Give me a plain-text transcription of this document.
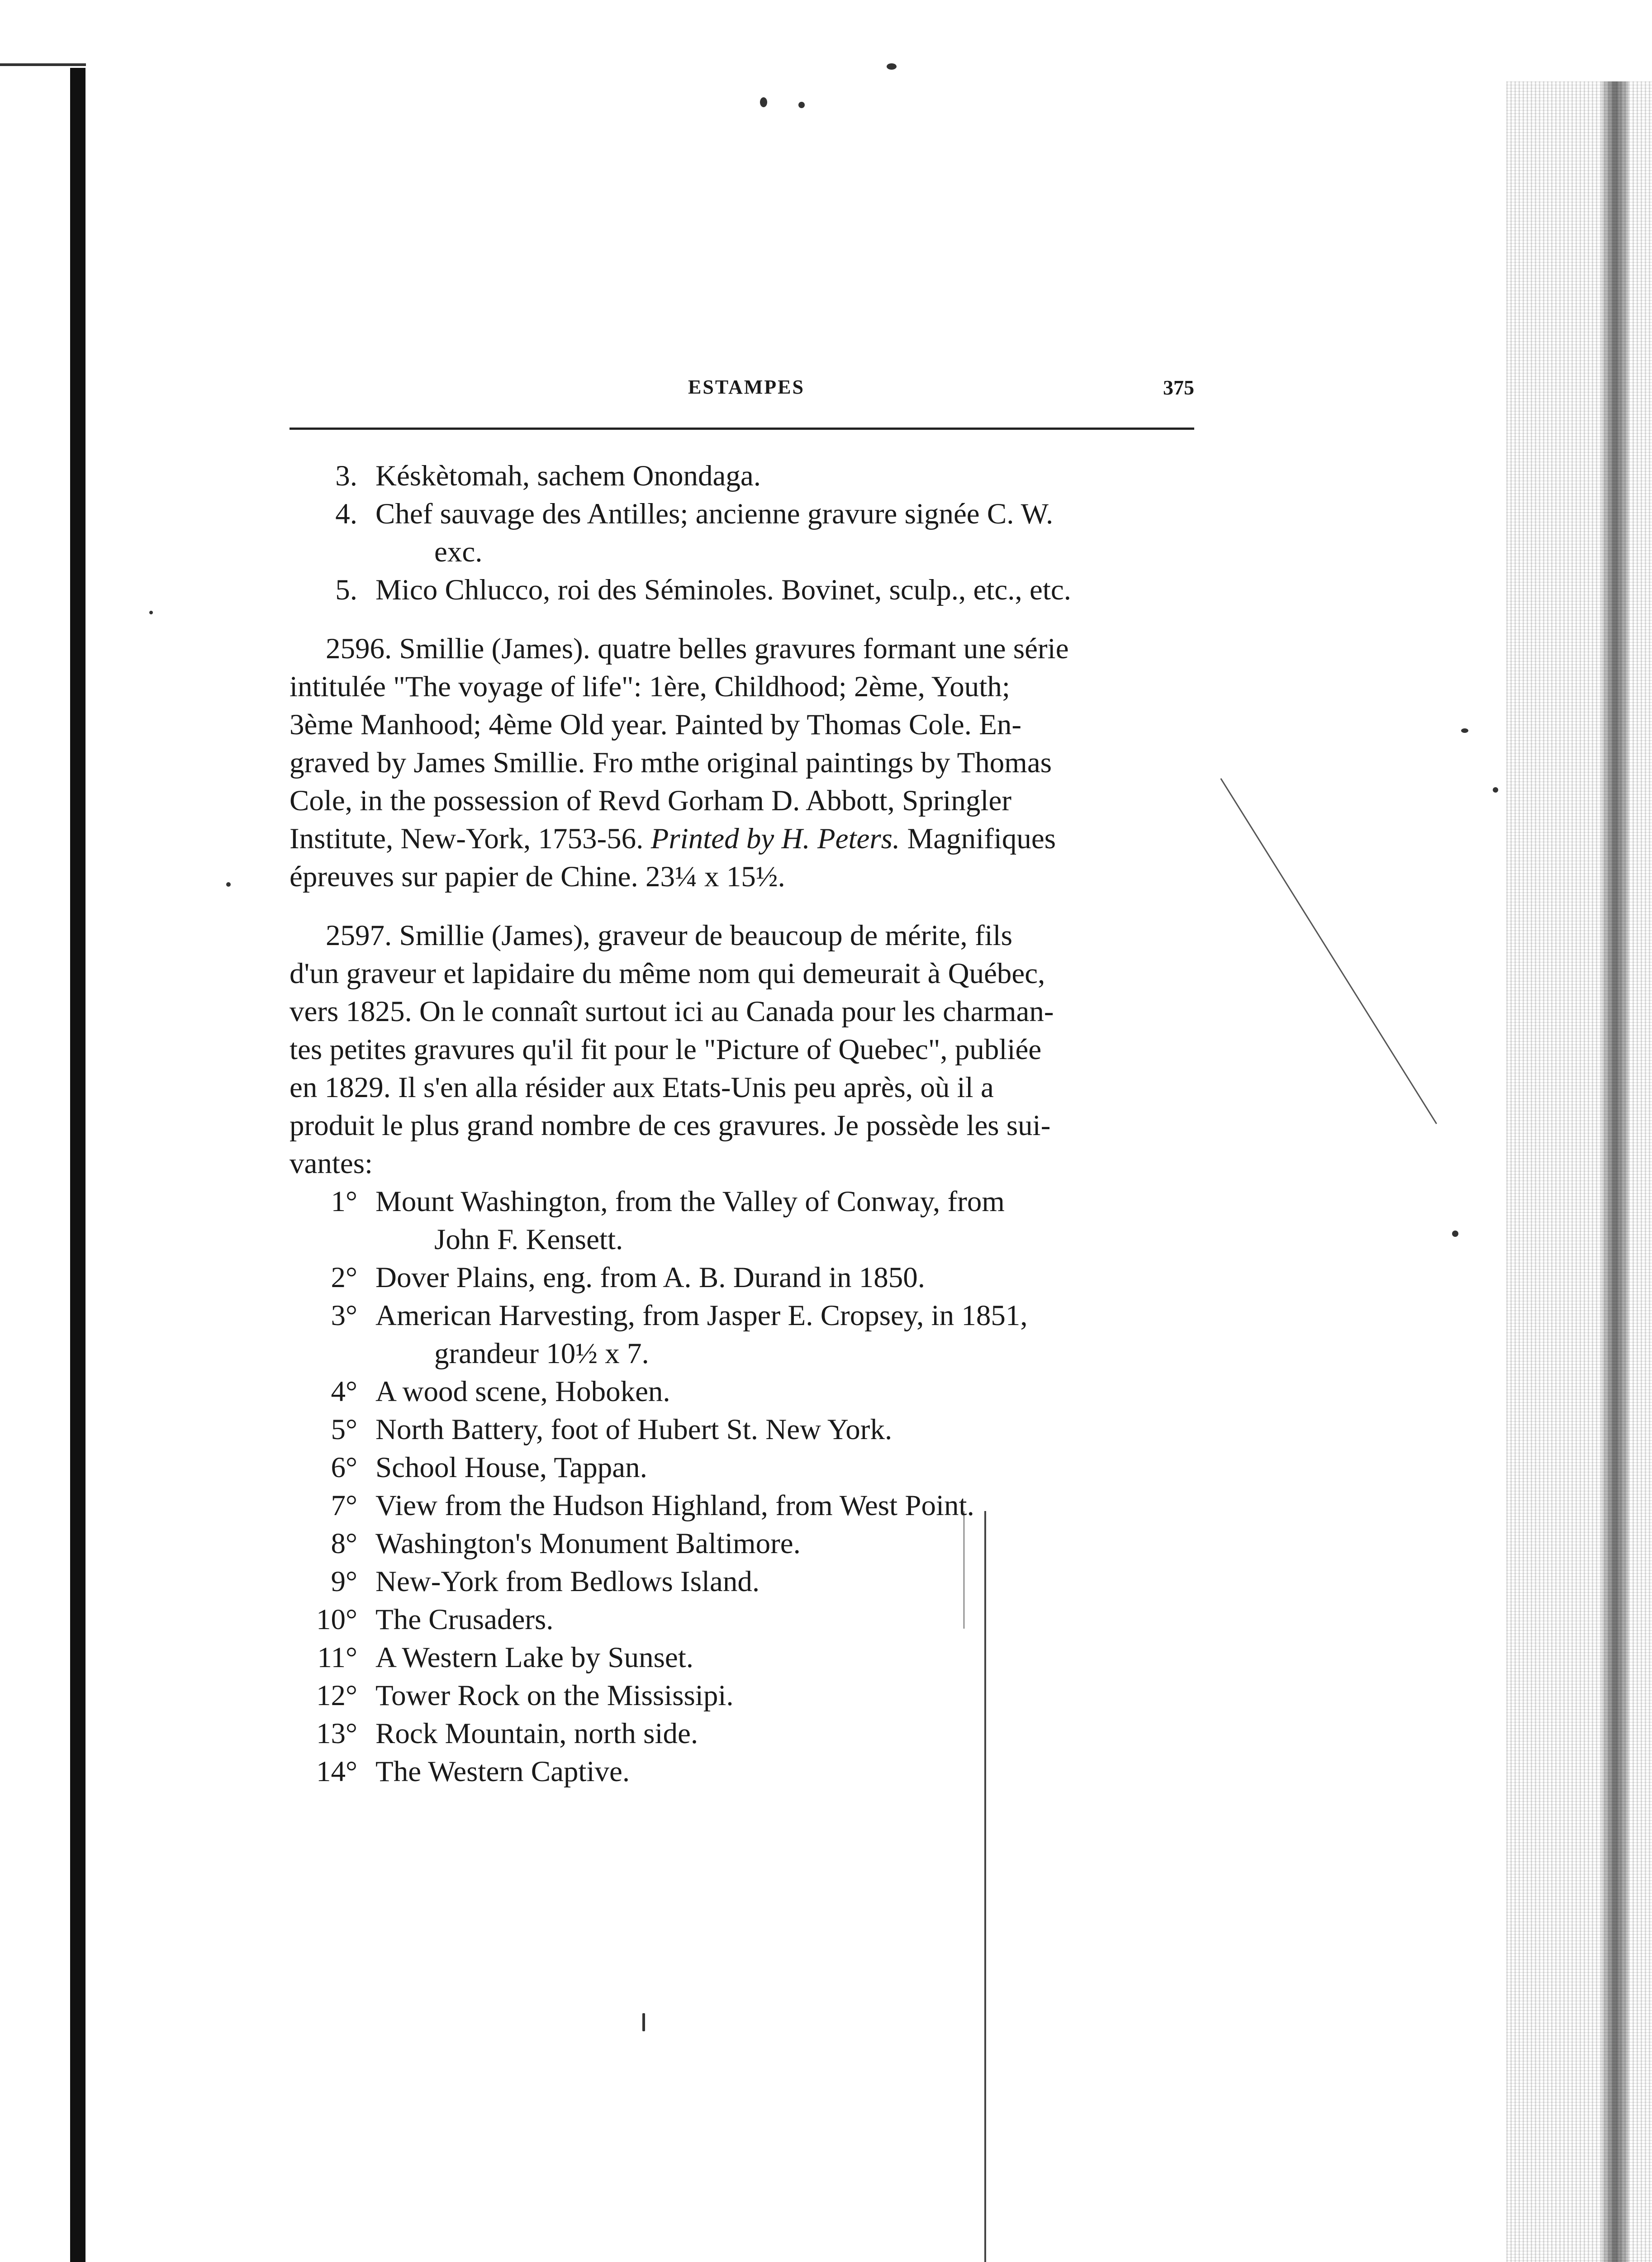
ESTAMPES	375
3. Késkètomah, sachem Onondaga.
4. Chef sauvage des Antilles; ancienne gravure signée C. W.
exc.
5. Mico Chlucco, roi des Séminoles. Bovinet, sculp., etc., etc.
2596. Smillie (James). quatre belles gravures formant une série
intitulée "The voyage of life": 1ère, Childhood; 2ème, Youth;
3ème Manhood; 4ème Old year. Painted by Thomas Cole. En-
graved by James Smillie. Fro mthe original paintings by Thomas
Cole, in the possession of Revd Gorham D. Abbott, Springler
Institute, New-York, 1753-56. Printed by H. Peters. Magnifiques
épreuves sur papier de Chine. 23¼ x 15½.
2597. Smillie (James), graveur de beaucoup de mérite, fils
d'un graveur et lapidaire du même nom qui demeurait à Québec,
vers 1825. On le connaît surtout ici au Canada pour les charman-
tes petites gravures qu'il fit pour le "Picture of Quebec", publiée
en 1829. Il s'en alla résider aux Etats-Unis peu après, où il a
produit le plus grand nombre de ces gravures. Je possède les sui-
vantes:
1° Mount Washington, from the Valley of Conway, from
John F. Kensett.
2° Dover Plains, eng. from A. B. Durand in 1850.
3° American Harvesting, from Jasper E. Cropsey, in 1851,
grandeur 10½ x 7.
4° A wood scene, Hoboken.
5° North Battery, foot of Hubert St. New York.
6° School House, Tappan.
7° View from the Hudson Highland, from West Point.
8° Washington's Monument Baltimore.
9° New-York from Bedlows Island.
10° The Crusaders.
11° A Western Lake by Sunset.
12° Tower Rock on the Mississipi.
13° Rock Mountain, north side.
14° The Western Captive.
